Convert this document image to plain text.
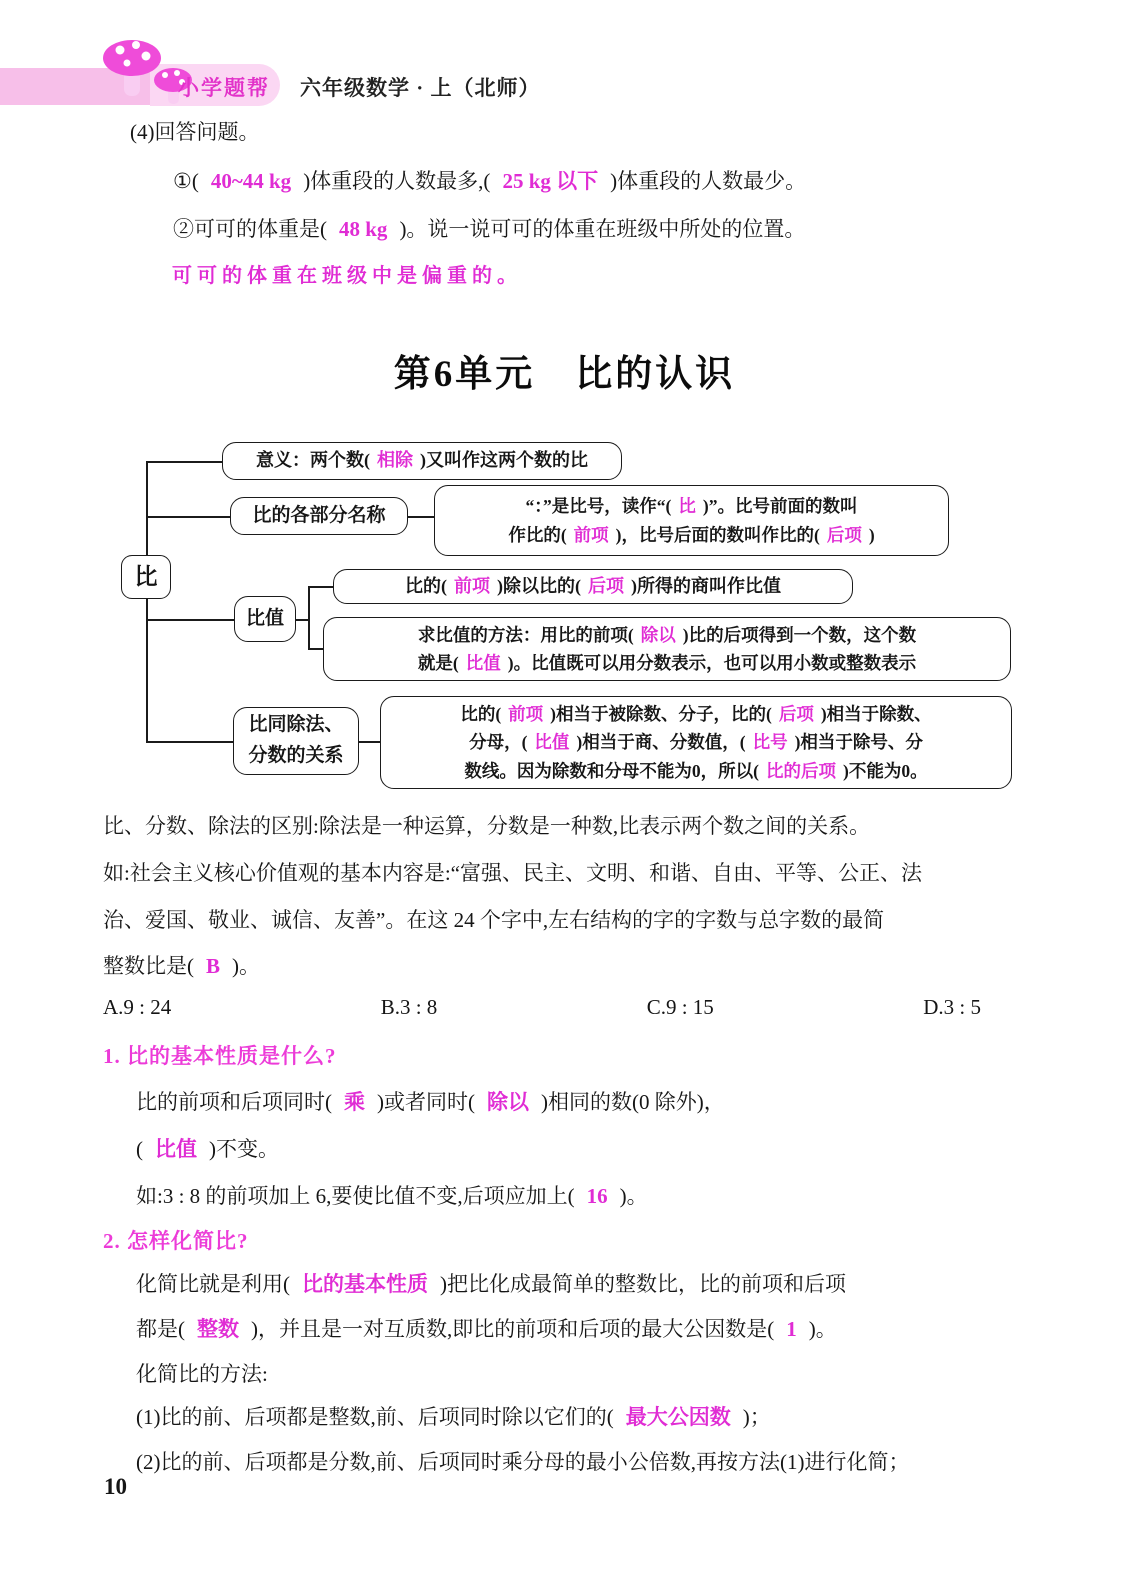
小学题帮 六年级数学 · 上（北师）
(4)回答问题。
①( 40~44 kg )体重段的人数最多,( 25 kg 以下 )体重段的人数最少。
②可可的体重是( 48 kg )。说一说可可的体重在班级中所处的位置。
可可的体重在班级中是偏重的。
第6单元　比的认识
比
意义：两个数( 相除 )又叫作这两个数的比
比的各部分名称	“：”是比号，读作“( 比 )”。比号前面的数叫
作比的( 前项 )，比号后面的数叫作比的( 后项 )
比值
比的( 前项 )除以比的( 后项 )所得的商叫作比值
求比值的方法：用比的前项( 除以 )比的后项得到一个数，这个数
就是( 比值 )。比值既可以用分数表示，也可以用小数或整数表示
比同除法、
分数的关系
比的( 前项 )相当于被除数、分子，比的( 后项 )相当于除数、
分母，( 比值 )相当于商、分数值，( 比号 )相当于除号、分
数线。因为除数和分母不能为0，所以( 比的后项 )不能为0。
比、分数、除法的区别:除法是一种运算，分数是一种数,比表示两个数之间的关系。
如:社会主义核心价值观的基本内容是:“富强、民主、文明、和谐、自由、平等、公正、法
治、爱国、敬业、诚信、友善”。在这 24 个字中,左右结构的字的字数与总字数的最简
整数比是( B )。
A.9 : 24	B.3 : 8	C.9 : 15	D.3 : 5
1. 比的基本性质是什么?
比的前项和后项同时( 乘 )或者同时( 除以 )相同的数(0 除外)，
( 比值 )不变。
如:3 : 8 的前项加上 6,要使比值不变,后项应加上( 16 )。
2. 怎样化简比?
化简比就是利用( 比的基本性质 )把比化成最简单的整数比，比的前项和后项
都是( 整数 )，并且是一对互质数,即比的前项和后项的最大公因数是( 1 )。
化简比的方法:
(1)比的前、后项都是整数,前、后项同时除以它们的( 最大公因数 )；
(2)比的前、后项都是分数,前、后项同时乘分母的最小公倍数,再按方法(1)进行化简；
10
